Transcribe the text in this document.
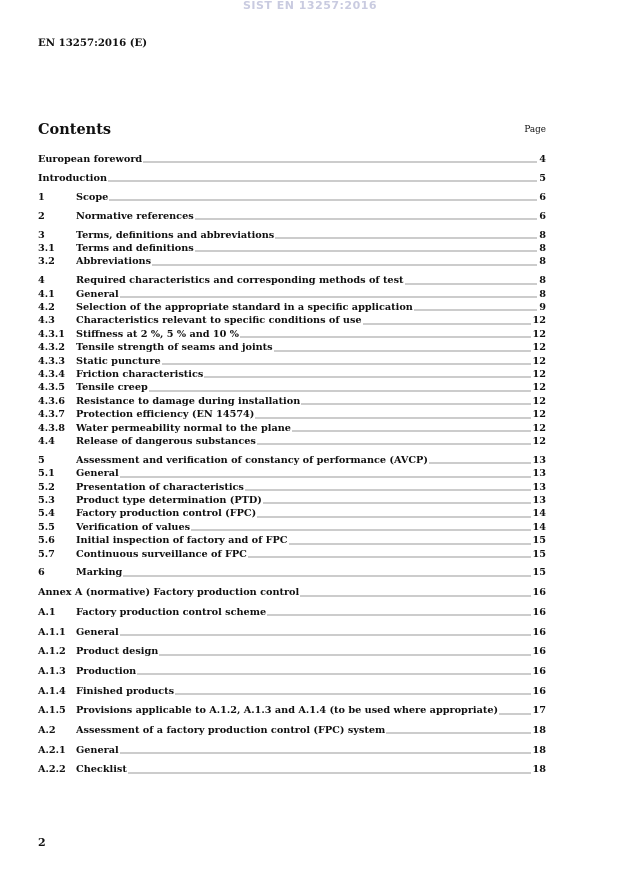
SIST EN 13257:2016
EN 13257:2016 (E)
Contents	Page
European foreword	4
Introduction	5
1	Scope	6
2	Normative references	6
3	Terms, definitions and abbreviations	8
3.1	Terms and definitions	8
3.2	Abbreviations	8
4	Required characteristics and corresponding methods of test	8
4.1	General	8
4.2	Selection of the appropriate standard in a specific application	9
4.3	Characteristics relevant to specific conditions of use	12
4.3.1	Stiffness at 2 %, 5 % and 10 %	12
4.3.2	Tensile strength of seams and joints	12
4.3.3	Static puncture	12
4.3.4	Friction characteristics	12
4.3.5	Tensile creep	12
4.3.6	Resistance to damage during installation	12
4.3.7	Protection efficiency (EN 14574)	12
4.3.8	Water permeability normal to the plane	12
4.4	Release of dangerous substances	12
5	Assessment and verification of constancy of performance (AVCP)	13
5.1	General	13
5.2	Presentation of characteristics	13
5.3	Product type determination (PTD)	13
5.4	Factory production control (FPC)	14
5.5	Verification of values	14
5.6	Initial inspection of factory and of FPC	15
5.7	Continuous surveillance of FPC	15
6	Marking	15
Annex A (normative) Factory production control	16
A.1	Factory production control scheme	16
A.1.1	General	16
A.1.2	Product design	16
A.1.3	Production	16
A.1.4	Finished products	16
A.1.5	Provisions applicable to A.1.2, A.1.3 and A.1.4 (to be used where appropriate)	17
A.2	Assessment of a factory production control (FPC) system	18
A.2.1	General	18
A.2.2	Checklist	18
2
